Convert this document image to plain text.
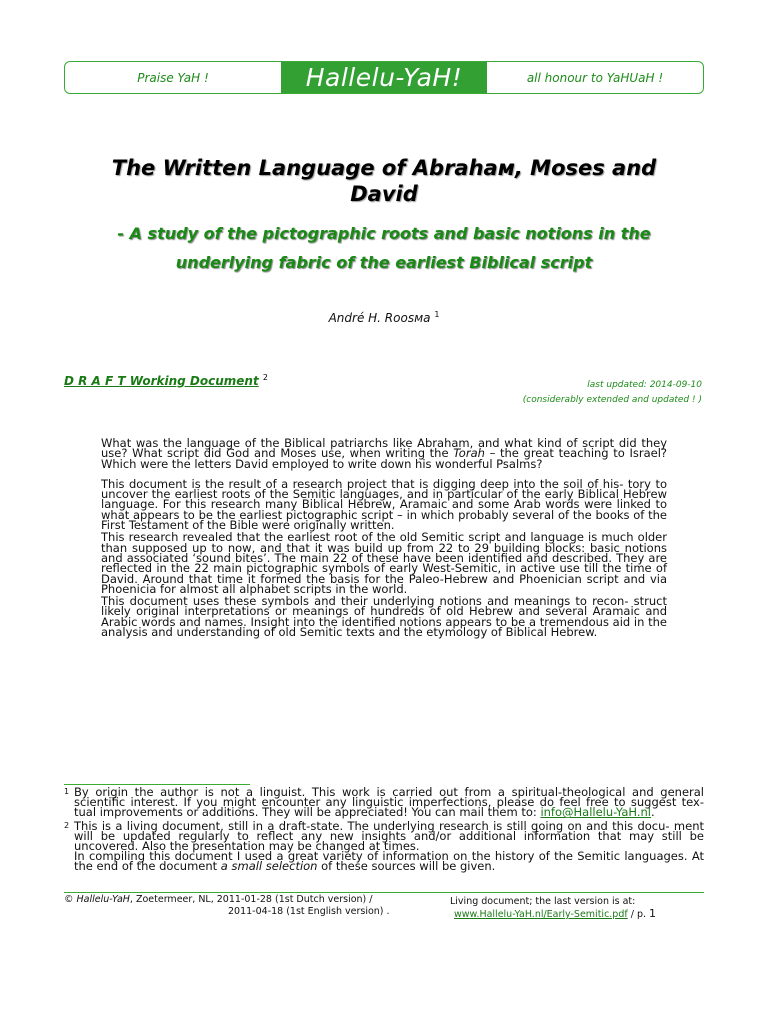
Praise YaH !	Hallelu-YaH!	all honour to YaHUaH !
The Written Language of Abrahaм, Moses and David
- A study of the pictographic roots and basic notions in the underlying fabric of the earliest Biblical script
André H. Roosмa $^1$
D R A F T Working Document $^2$
last updated: 2014-09-10
(considerably extended and updated ! )

What was the language of the Biblical patriarchs like Abraham, and what kind of script did they use? What script did God and Moses use, when writing the Torah – the great teaching to Israel? Which were the letters David employed to write down his wonderful Psalms?

This document is the result of a research project that is digging deep into the soil of his- tory to uncover the earliest roots of the Semitic languages, and in particular of the early Biblical Hebrew language. For this research many Biblical Hebrew, Aramaic and some Arab words were linked to what appears to be the earliest pictographic script – in which probably several of the books of the First Testament of the Bible were originally written.

This research revealed that the earliest root of the old Semitic script and language is much older than supposed up to now, and that it was build up from 22 to 29 building blocks: basic notions and associated ‘sound bites’. The main 22 of these have been identified and described. They are reflected in the 22 main pictographic symbols of early West-Semitic, in active use till the time of David. Around that time it formed the basis for the Paleo-Hebrew and Phoenician script and via Phoenicia for almost all alphabet scripts in the world.

This document uses these symbols and their underlying notions and meanings to recon- struct likely original interpretations or meanings of hundreds of old Hebrew and several Aramaic and Arabic words and names. Insight into the identified notions appears to be a tremendous aid in the analysis and understanding of old Semitic texts and the etymology of Biblical Hebrew.

1 By origin the author is not a linguist. This work is carried out from a spiritual-theological and general scientific interest. If you might encounter any linguistic imperfections, please do feel free to suggest tex- tual improvements or additions. They will be appreciated! You can mail them to: info@Hallelu-YaH.nl.

2 This is a living document, still in a draft-state. The underlying research is still going on and this docu- ment will be updated regularly to reflect any new insights and/or additional information that may still be uncovered. Also the presentation may be changed at times.

In compiling this document I used a great variety of information on the history of the Semitic languages. At the end of the document a small selection of these sources will be given.

© Hallelu-YaH, Zoetermeer, NL, 2011-01-28 (1st Dutch version) /
2011-04-18 (1st English version) .
Living document; the last version is at:
www.Hallelu-YaH.nl/Early-Semitic.pdf / p. 1
